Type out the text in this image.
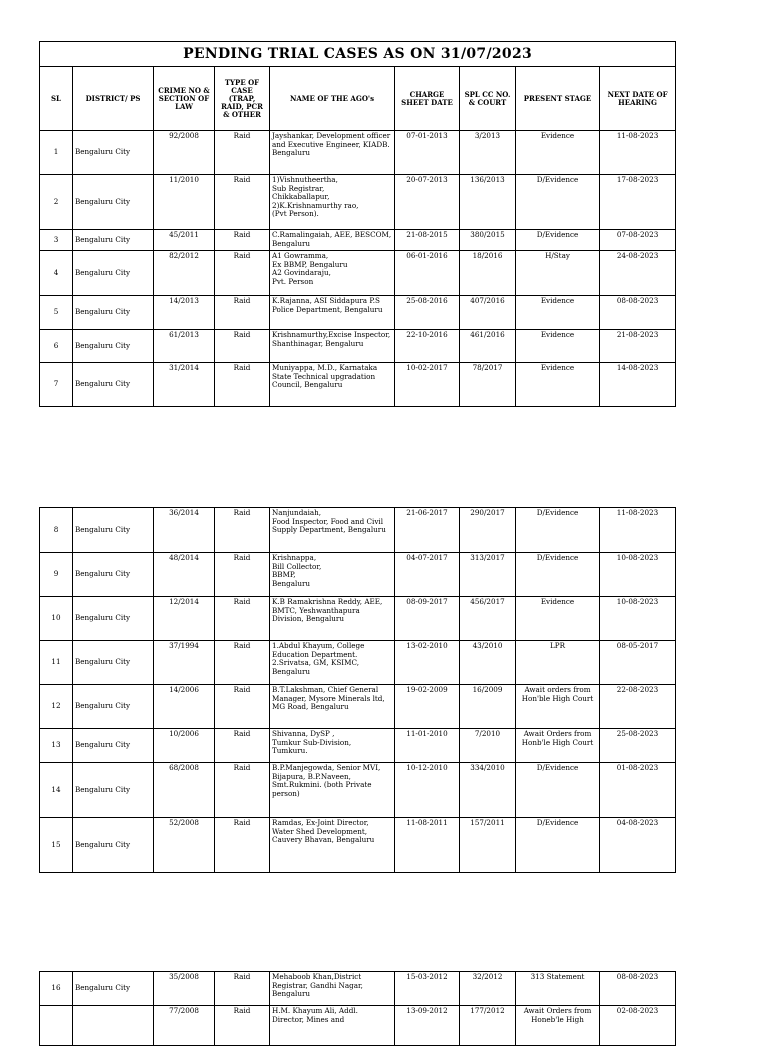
PENDING TRIAL CASES AS ON 31/07/2023								
SL	DISTRICT/ PS	CRIME NO & SECTION OF LAW	TYPE OF CASE (TRAP, RAID, PCR & OTHER	NAME OF THE AGO's	CHARGE SHEET DATE	SPL CC NO. & COURT	PRESENT STAGE	NEXT DATE OF HEARING
1	Bengaluru City	92/2008	Raid	Jayshankar, Development officer and Executive Engineer, KIADB. Bengaluru	07-01-2013	3/2013	Evidence	11-08-2023
2	Bengaluru City	11/2010	Raid	1)Vishnutheertha,
Sub Registrar,
Chikkaballapur,
2)K.Krishnamurthy rao,
(Pvt Person).	20-07-2013	136/2013	D/Evidence	17-08-2023
3	Bengaluru City	45/2011	Raid	C.Ramalingaiah, AEE, BESCOM, Bengaluru	21-08-2015	380/2015	D/Evidence	07-08-2023
4	Bengaluru City	82/2012	Raid	A1 Gowramma,
Ex BBMP, Bengaluru
A2 Govindaraju,
Pvt. Person	06-01-2016	18/2016	H/Stay	24-08-2023
5	Bengaluru City	14/2013	Raid	K.Rajanna, ASI Siddapura P.S Police Department, Bengaluru	25-08-2016	407/2016	Evidence	08-08-2023
6	Bengaluru City	61/2013	Raid	Krishnamurthy,Excise Inspector, Shanthinagar, Bengaluru	22-10-2016	461/2016	Evidence	21-08-2023
7	Bengaluru City	31/2014	Raid	Muniyappa, M.D., Karnataka State Technical upgradation Council, Bengaluru	10-02-2017	78/2017	Evidence	14-08-2023
8	Bengaluru City	36/2014	Raid	Nanjundaiah,
Food Inspector, Food and Civil Supply Department, Bengaluru	21-06-2017	290/2017	D/Evidence	11-08-2023
9	Bengaluru City	48/2014	Raid	Krishnappa,
Bill Collector,
BBMP,
Bengaluru	04-07-2017	313/2017	D/Evidence	10-08-2023
10	Bengaluru City	12/2014	Raid	K.B Ramakrishna Reddy, AEE, BMTC, Yeshwanthapura Division, Bengaluru	08-09-2017	456/2017	Evidence	10-08-2023
11	Bengaluru City	37/1994	Raid	1.Abdul Khayum, College Education Department.
2.Srivatsa, GM, KSIMC, Bengaluru	13-02-2010	43/2010	LPR	08-05-2017
12	Bengaluru City	14/2006	Raid	B.T.Lakshman, Chief General Manager, Mysore Minerals ltd, MG Road, Bengaluru	19-02-2009	16/2009	Await orders from Hon'ble High Court	22-08-2023
13	Bengaluru City	10/2006	Raid	Shivanna, DySP ,
Tumkur Sub-Division,
Tumkuru.	11-01-2010	7/2010	Await Orders from Honb'le High Court	25-08-2023
14	Bengaluru City	68/2008	Raid	B.P.Manjegowda, Senior MVI, Bijapura, B.P.Naveen, Smt.Rukmini. (both Private person)	10-12-2010	334/2010	D/Evidence	01-08-2023
15	Bengaluru City	52/2008	Raid	Ramdas, Ex-Joint Director, Water Shed Development, Cauvery Bhavan, Bengaluru	11-08-2011	157/2011	D/Evidence	04-08-2023
16	Bengaluru City	35/2008	Raid	Mehaboob Khan,District Registrar, Gandhi Nagar, Bengaluru	15-03-2012	32/2012	313 Statement	08-08-2023
		77/2008	Raid	H.M. Khayum Ali, Addl. Director, Mines and	13-09-2012	177/2012	Await Orders from Honeb'le High	02-08-2023
